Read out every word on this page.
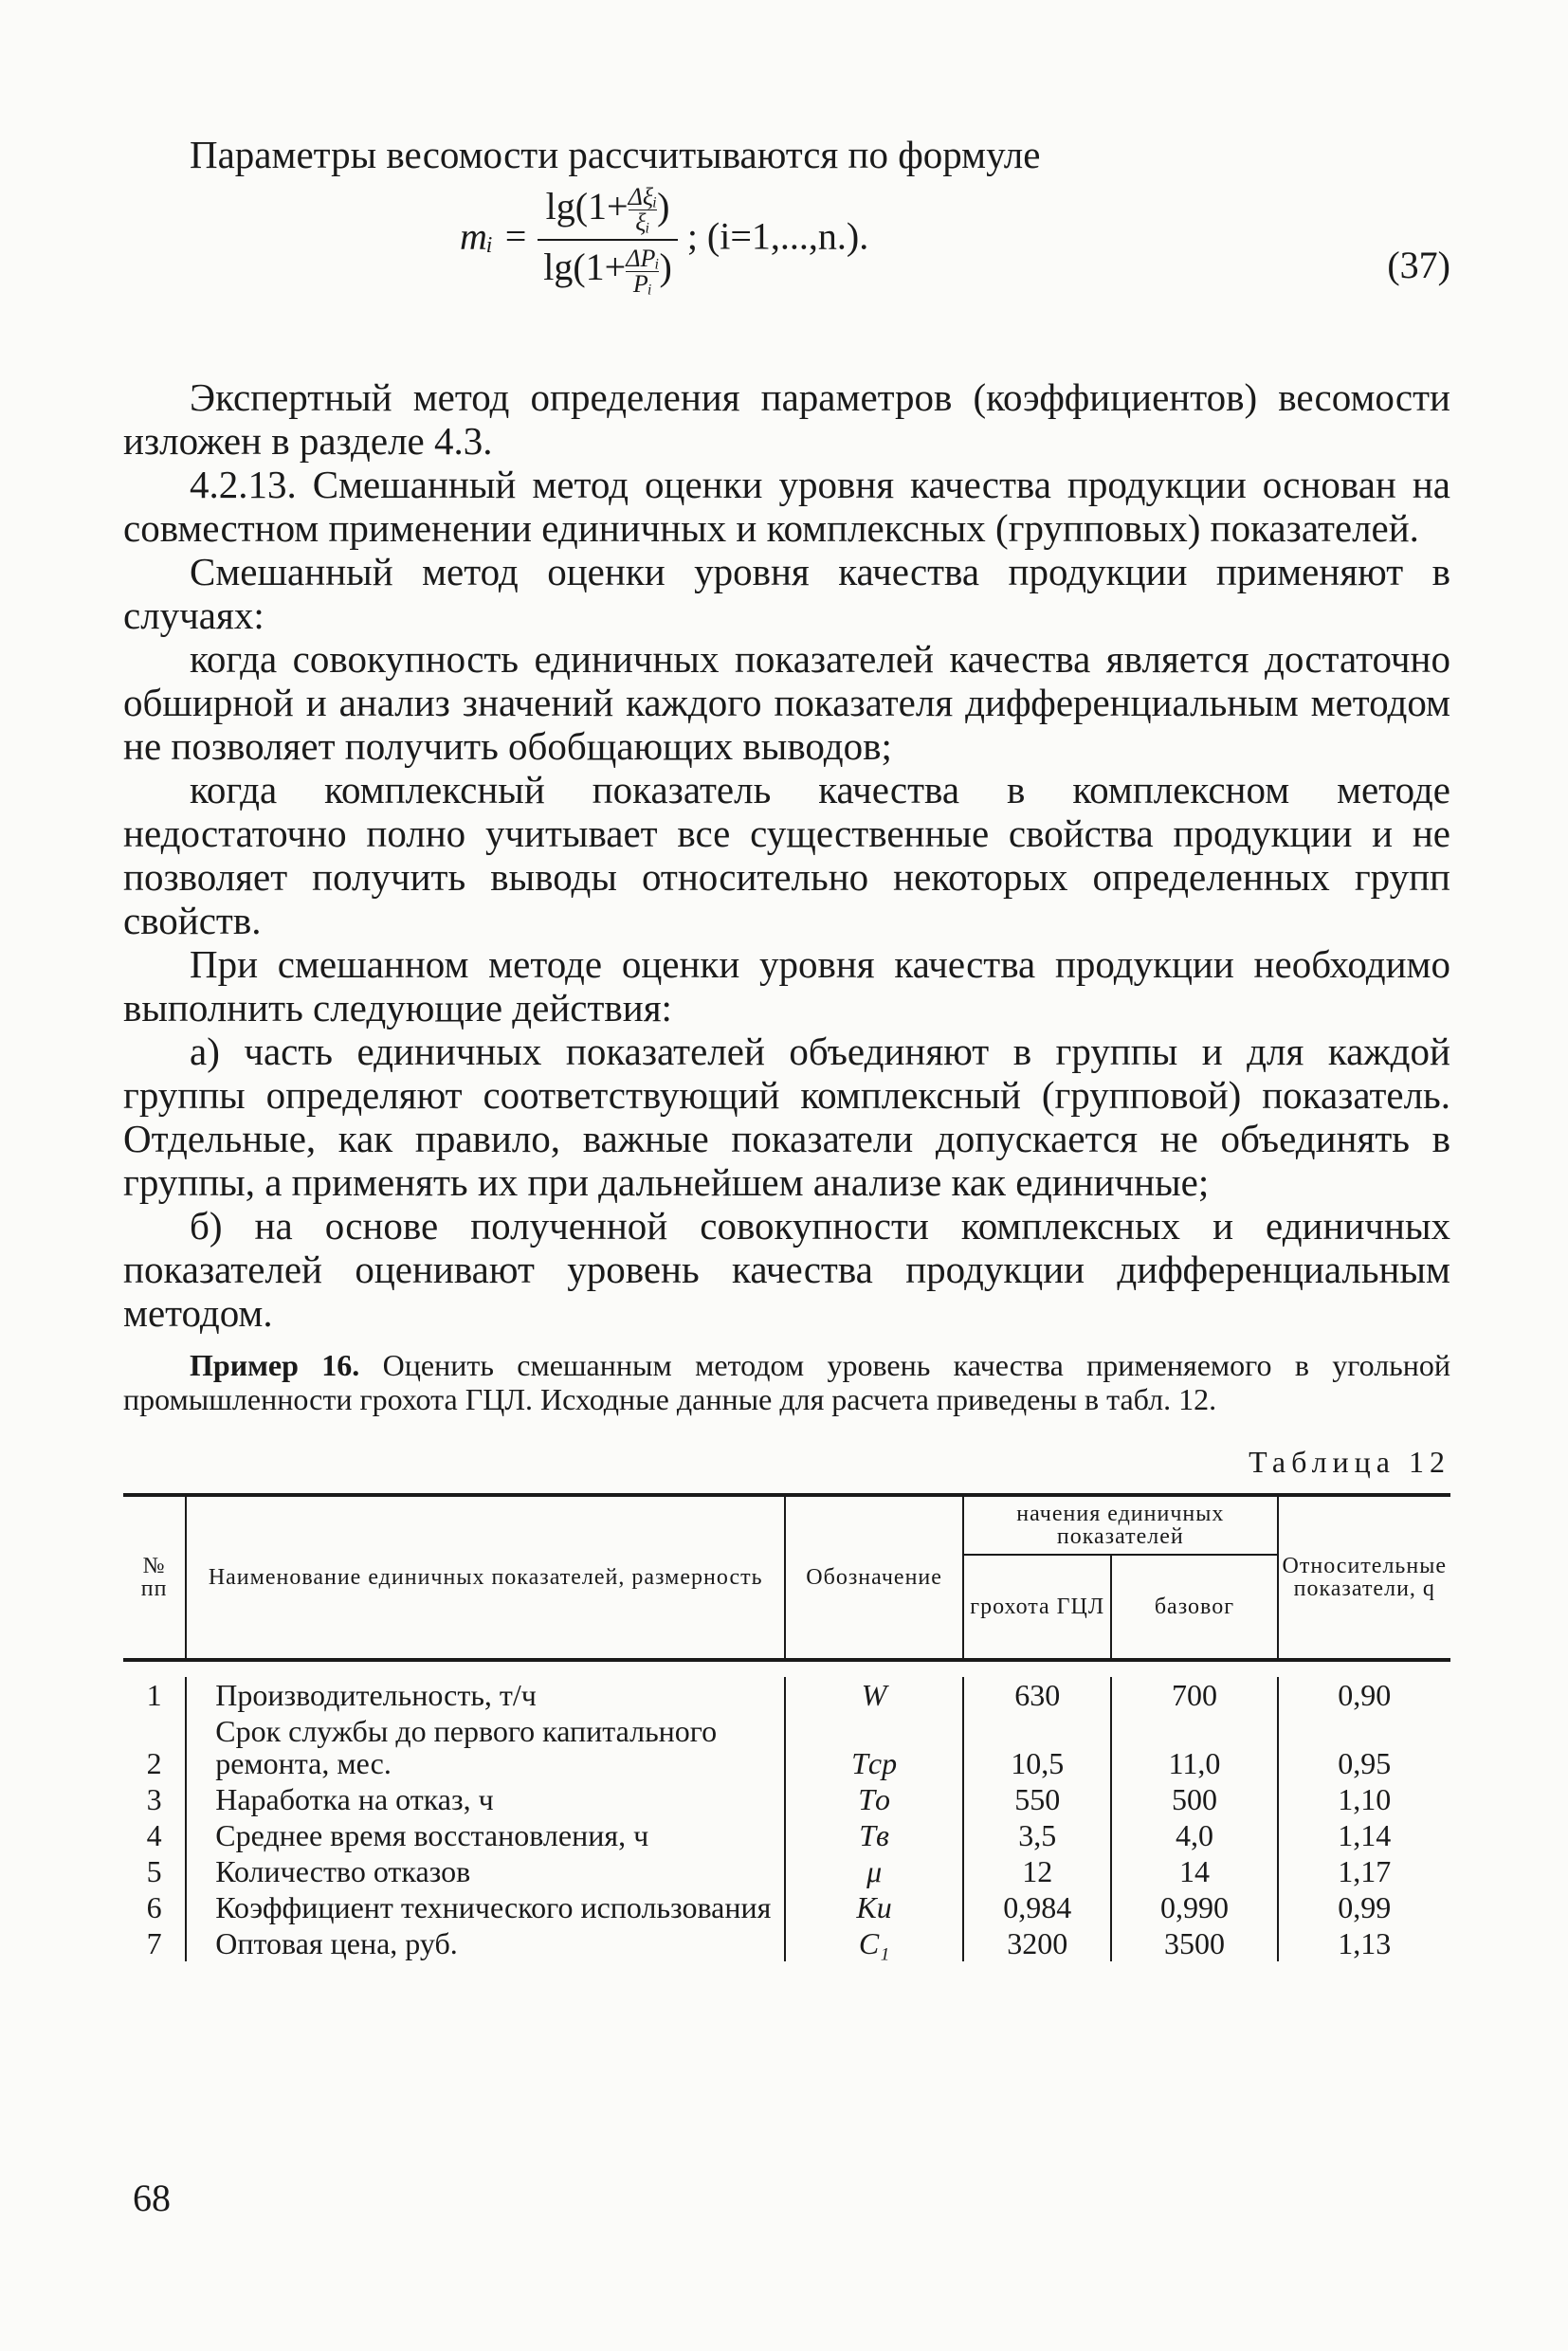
Параметры весомости рассчитываются по формуле

mᵢ = $\frac{\lg(1+ \frac{\text{Δξᵢ}}{\text{ξᵢ}} )}{\lg(1+ \frac{\text{ΔPᵢ}}{\text{Pᵢ}} )}$ ; (i=1,...,n.).
(37)

Экспертный метод определения параметров (коэффициентов) весомости изложен в разделе 4.3.

4.2.13. Смешанный метод оценки уровня качества продукции основан на совместном применении единичных и комплексных (групповых) показателей.

Смешанный метод оценки уровня качества продукции применяют в случаях:

когда совокупность единичных показателей качества является достаточно обширной и анализ значений каждого показателя дифференциальным методом не позволяет получить обобщающих выводов;

когда комплексный показатель качества в комплексном методе недостаточно полно учитывает все существенные свойства продукции и не позволяет получить выводы относительно некоторых определенных групп свойств.

При смешанном методе оценки уровня качества продукции необходимо выполнить следующие действия:

а) часть единичных показателей объединяют в группы и для каждой группы определяют соответствующий комплексный (групповой) показатель. Отдельные, как правило, важные показатели допускается не объединять в группы, а применять их при дальнейшем анализе как единичные;

б) на основе полученной совокупности комплексных и единичных показателей оценивают уровень качества продукции дифференциальным методом.

Пример 16. Оценить смешанным методом уровень качества применяемого в угольной промышленности грохота ГЦЛ. Исходные данные для расчета приведены в табл. 12.

Таблица 12
№ пп	Наименование единичных показателей, размерность	Обозначение	начения единичных показателей		Относительные показатели, q
			грохота ГЦЛ	базовог	

1	Производительность, т/ч	W	630	700	0,90
2	Срок службы до первого капитального ремонта, мес.	Tср	10,5	11,0	0,95
3	Наработка на отказ, ч	Tо	550	500	1,10
4	Среднее время восстановления, ч	Tв	3,5	4,0	1,14
5	Количество отказов	μ	12	14	1,17
6	Коэффициент технического использования	Kи	0,984	0,990	0,99
7	Оптовая цена, руб.	C₁	3200	3500	1,13
68
